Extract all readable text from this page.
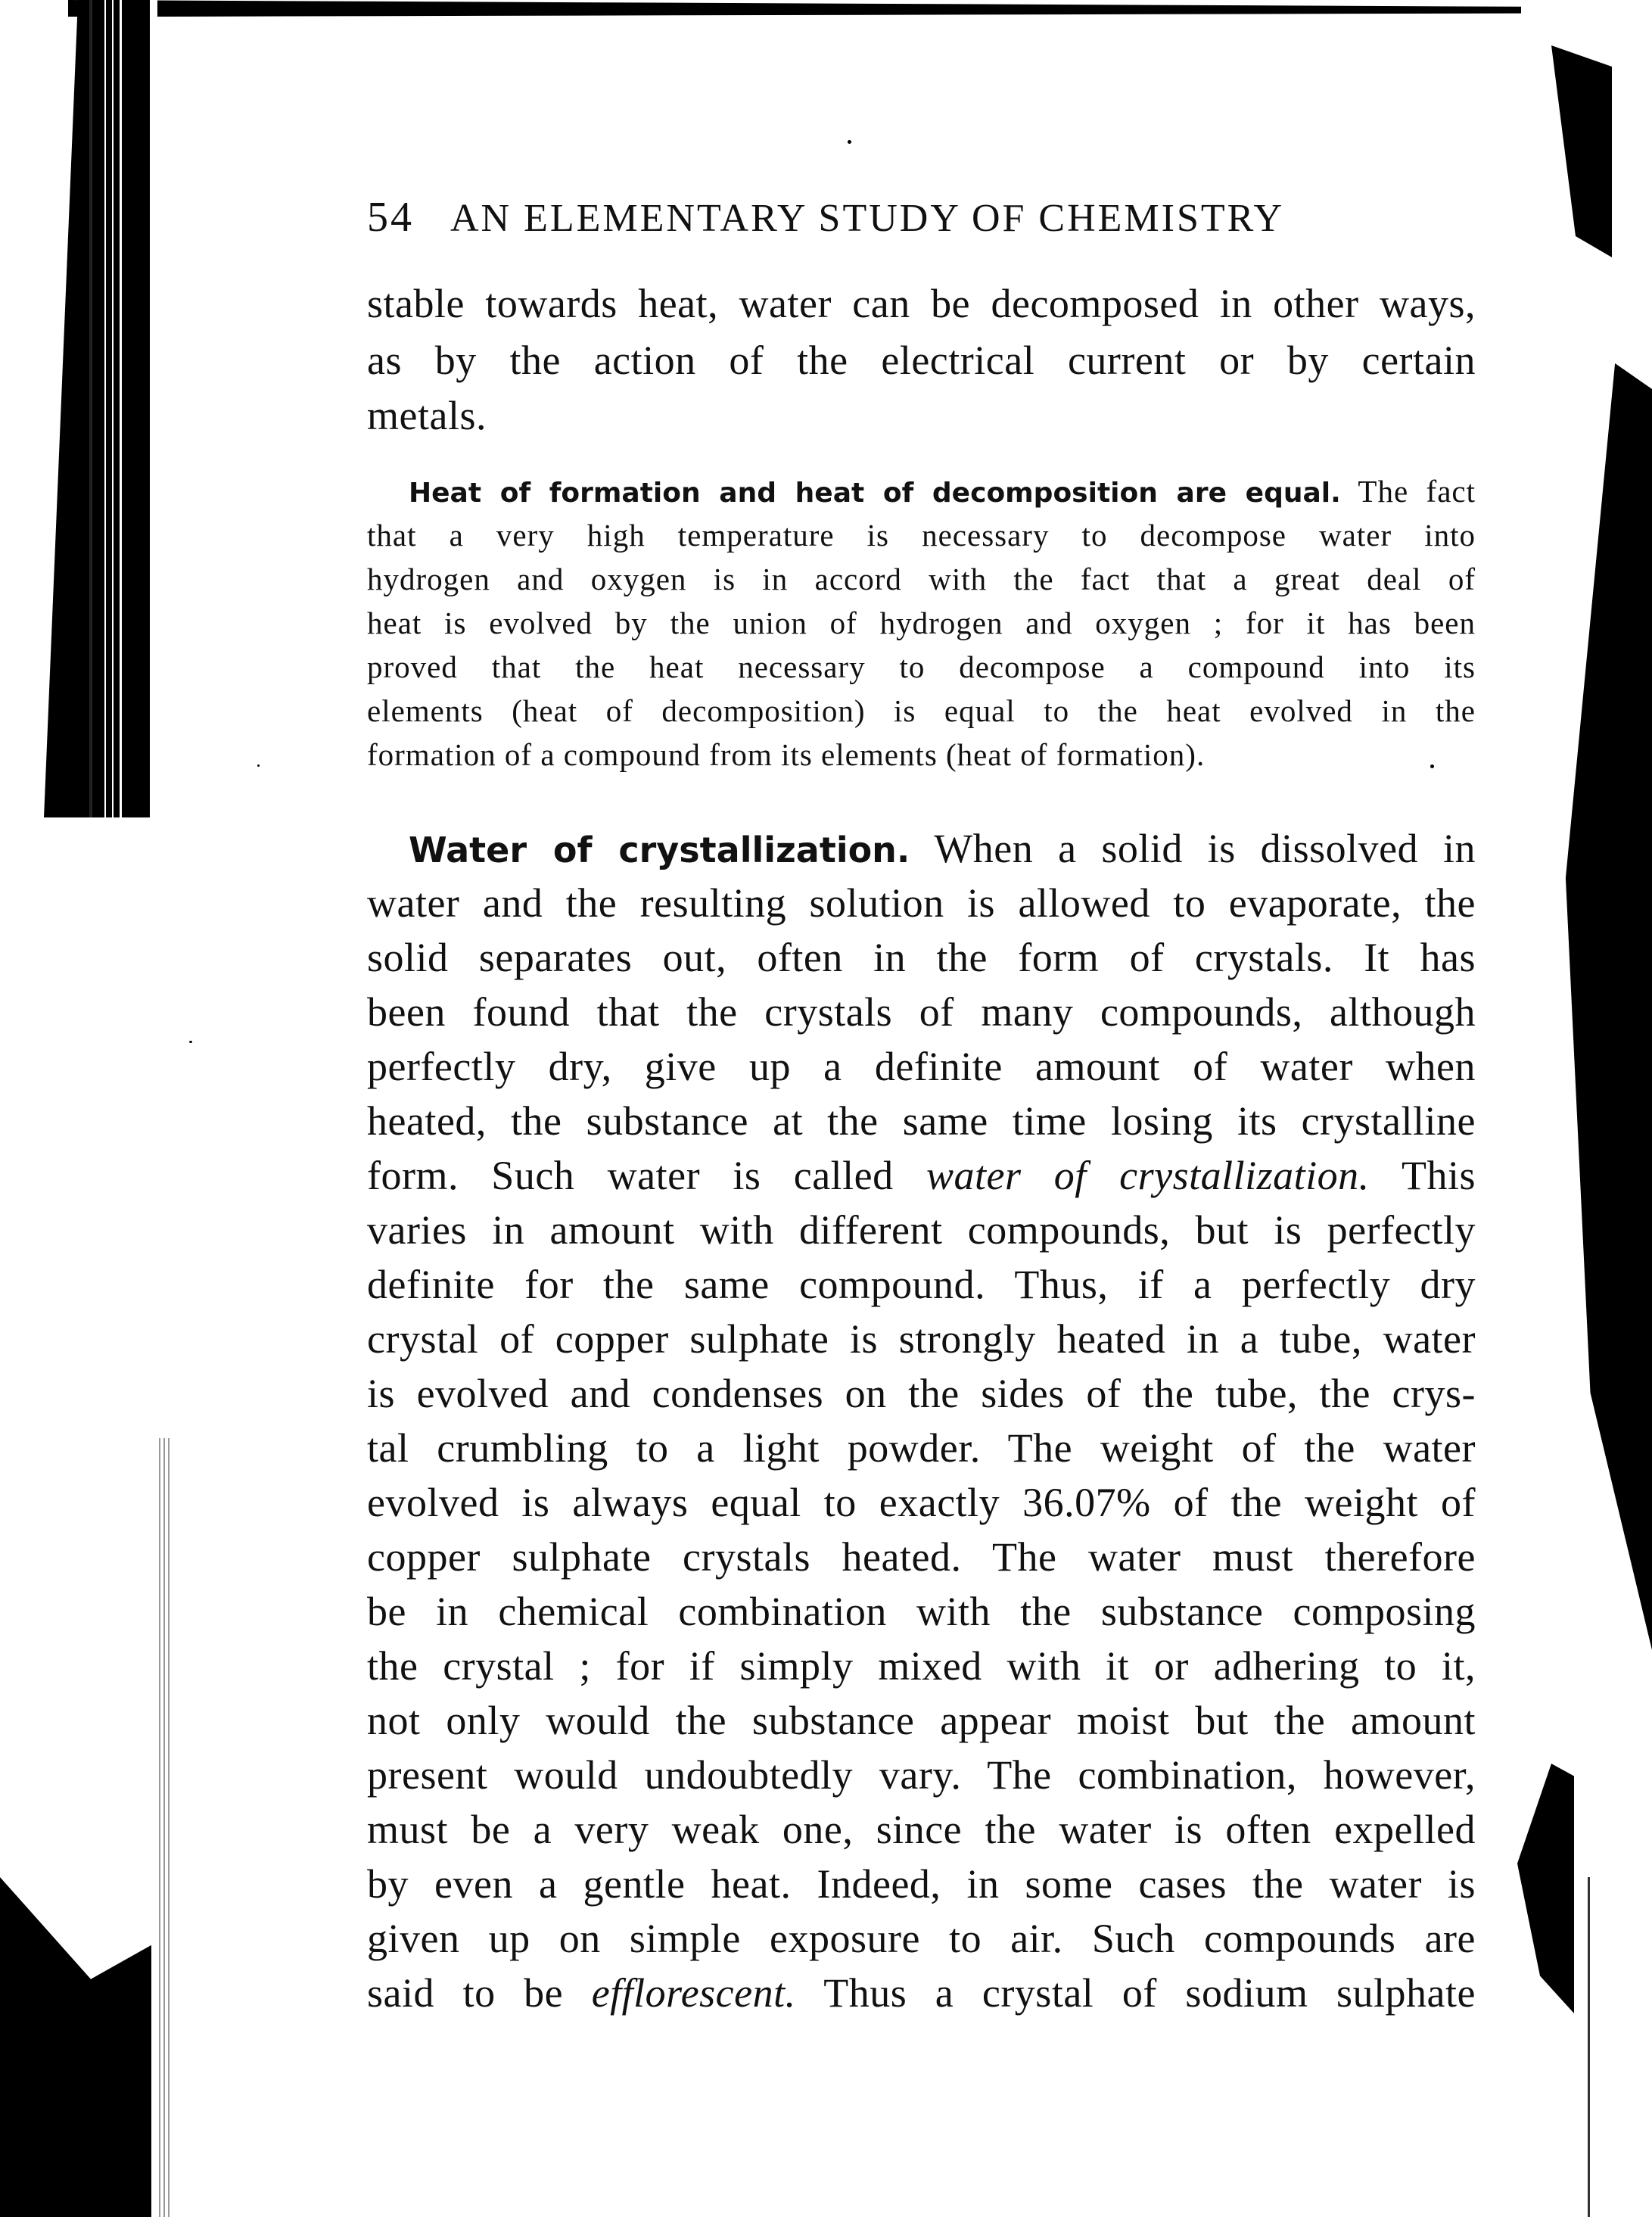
54 AN ELEMENTARY STUDY OF CHEMISTRY
stable towards heat, water can be decomposed in other ways,
as by the action of the electrical current or by certain
metals.
Heat of formation and heat of decomposition are equal. The fact
that a very high temperature is necessary to decompose water into
hydrogen and oxygen is in accord with the fact that a great deal of
heat is evolved by the union of hydrogen and oxygen ; for it has been
proved that the heat necessary to decompose a compound into its
elements (heat of decomposition) is equal to the heat evolved in the
formation of a compound from its elements (heat of formation).
Water of crystallization. When a solid is dissolved in
water and the resulting solution is allowed to evaporate, the
solid separates out, often in the form of crystals. It has
been found that the crystals of many compounds, although
perfectly dry, give up a definite amount of water when
heated, the substance at the same time losing its crystalline
form. Such water is called water of crystallization. This
varies in amount with different compounds, but is perfectly
definite for the same compound. Thus, if a perfectly dry
crystal of copper sulphate is strongly heated in a tube, water
is evolved and condenses on the sides of the tube, the crys-
tal crumbling to a light powder. The weight of the water
evolved is always equal to exactly 36.07% of the weight of
copper sulphate crystals heated. The water must therefore
be in chemical combination with the substance composing
the crystal ; for if simply mixed with it or adhering to it,
not only would the substance appear moist but the amount
present would undoubtedly vary. The combination, however,
must be a very weak one, since the water is often expelled
by even a gentle heat. Indeed, in some cases the water is
given up on simple exposure to air. Such compounds are
said to be efflorescent. Thus a crystal of sodium sulphate
